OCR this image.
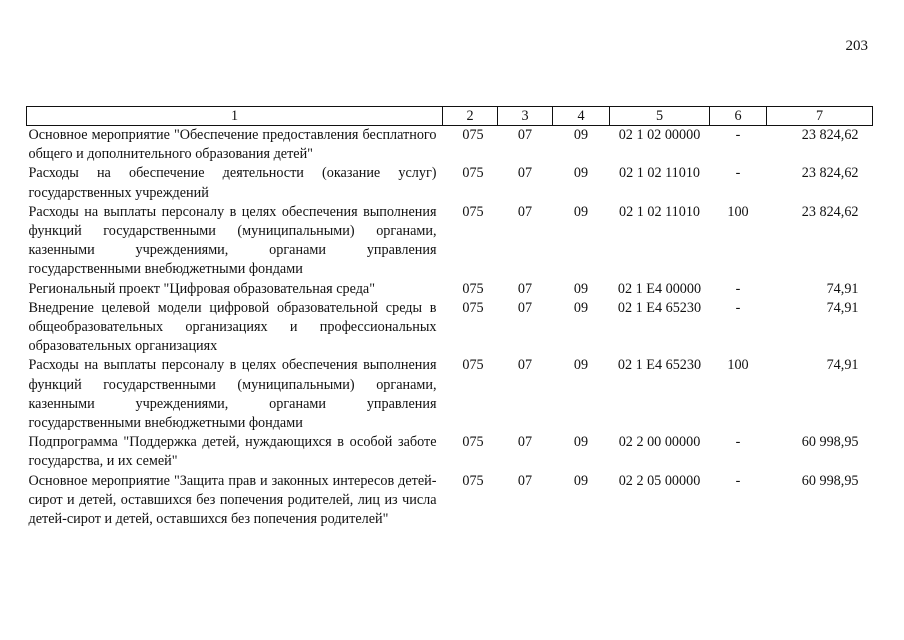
203
1	2	3	4	5	6	7
Основное мероприятие "Обеспечение предоставления бесплатного общего и дополнительного образования детей"	075	07	09	02 1 02 00000	-	23 824,62
Расходы на обеспечение деятельности (оказание услуг) государственных учреждений	075	07	09	02 1 02 11010	-	23 824,62
Расходы на выплаты персоналу в целях обеспечения выполнения функций государственными (муниципальными) органами, казенными учреждениями, органами управления государственными внебюджетными фондами	075	07	09	02 1 02 11010	100	23 824,62
Региональный проект "Цифровая образовательная среда"	075	07	09	02 1 E4 00000	-	74,91
Внедрение целевой модели цифровой образовательной среды в общеобразовательных организациях и профессиональных образовательных организациях	075	07	09	02 1 E4 65230	-	74,91
Расходы на выплаты персоналу в целях обеспечения выполнения функций государственными (муниципальными) органами, казенными учреждениями, органами управления государственными внебюджетными фондами	075	07	09	02 1 E4 65230	100	74,91
Подпрограмма "Поддержка детей, нуждающихся в особой заботе государства, и их семей"	075	07	09	02 2 00 00000	-	60 998,95
Основное мероприятие "Защита прав и законных интересов детей-сирот и детей, оставшихся без попечения родителей, лиц из числа детей-сирот и детей, оставшихся без попечения родителей"	075	07	09	02 2 05 00000	-	60 998,95
